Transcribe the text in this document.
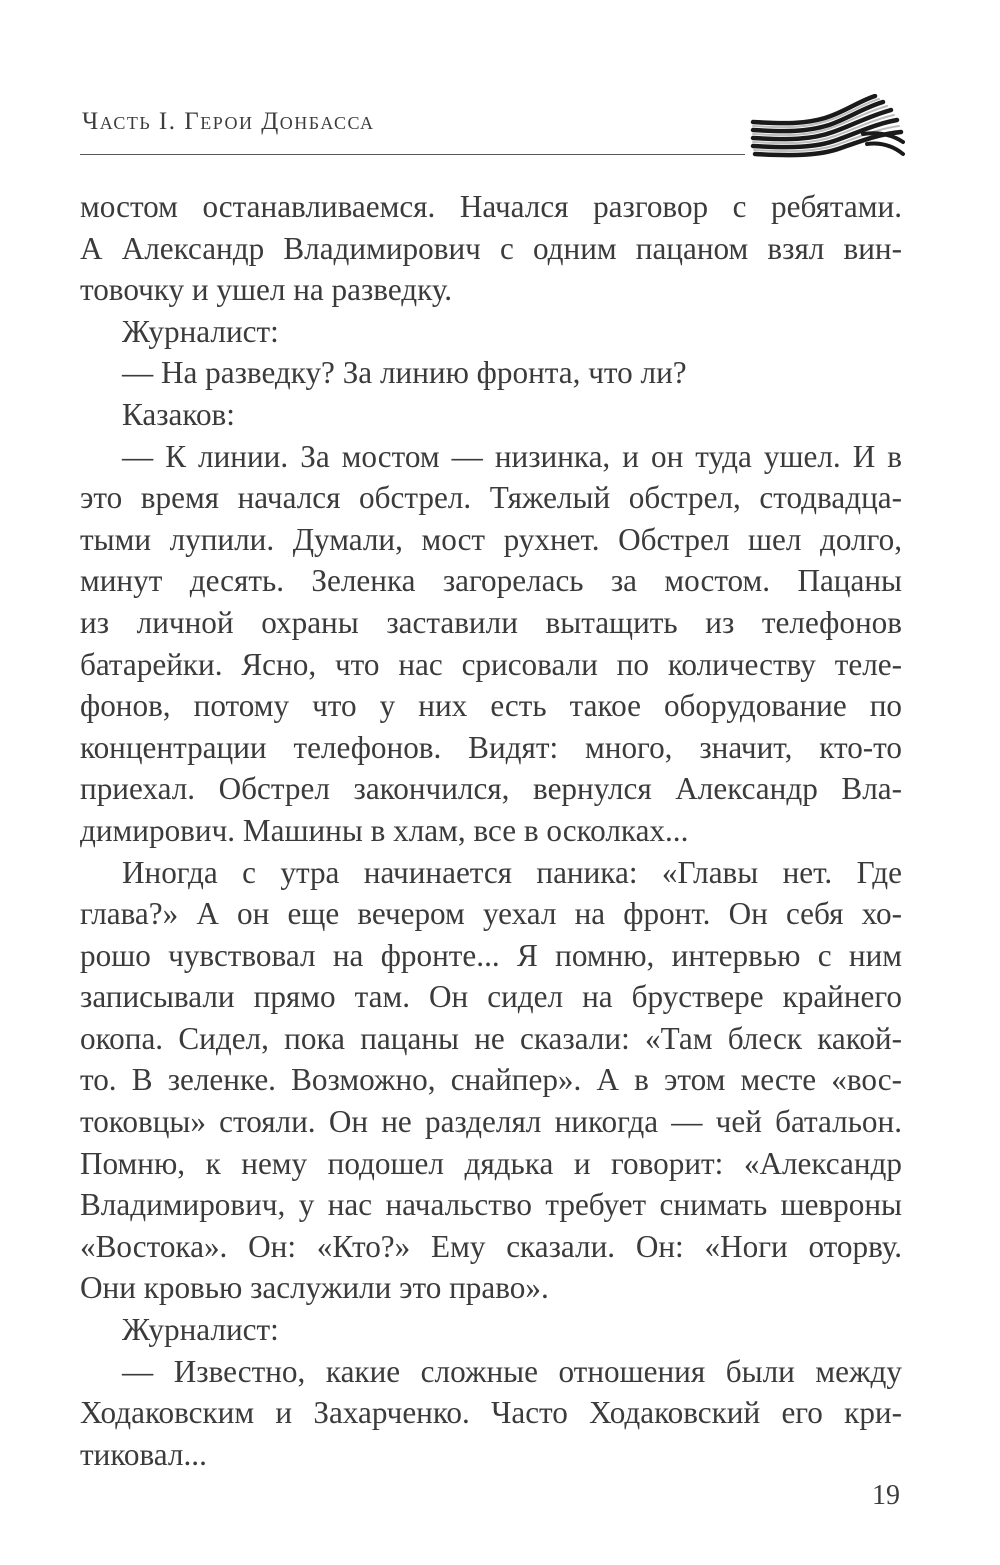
Часть I. Герои Донбасса
мостом останавливаемся. Начался разговор с ребятами.
А Александр Владимирович с одним пацаном взял вин-
товочку и ушел на разведку.
Журналист:
— На разведку? За линию фронта, что ли?
Казаков:
— К линии. За мостом — низинка, и он туда ушел. И в
это время начался обстрел. Тяжелый обстрел, стодвадца-
тыми лупили. Думали, мост рухнет. Обстрел шел долго,
минут десять. Зеленка загорелась за мостом. Пацаны
из личной охраны заставили вытащить из телефонов
батарейки. Ясно, что нас срисовали по количеству теле-
фонов, потому что у них есть такое оборудование по
концентрации телефонов. Видят: много, значит, кто-то
приехал. Обстрел закончился, вернулся Александр Вла-
димирович. Машины в хлам, все в осколках...
Иногда с утра начинается паника: «Главы нет. Где
глава?» А он еще вечером уехал на фронт. Он себя хо-
рошо чувствовал на фронте... Я помню, интервью с ним
записывали прямо там. Он сидел на бруствере крайнего
окопа. Сидел, пока пацаны не сказали: «Там блеск какой-
то. В зеленке. Возможно, снайпер». А в этом месте «вос-
токовцы» стояли. Он не разделял никогда — чей батальон.
Помню, к нему подошел дядька и говорит: «Александр
Владимирович, у нас начальство требует снимать шевроны
«Востока». Он: «Кто?» Ему сказали. Он: «Ноги оторву.
Они кровью заслужили это право».
Журналист:
— Известно, какие сложные отношения были между
Ходаковским и Захарченко. Часто Ходаковский его кри-
тиковал...
19
